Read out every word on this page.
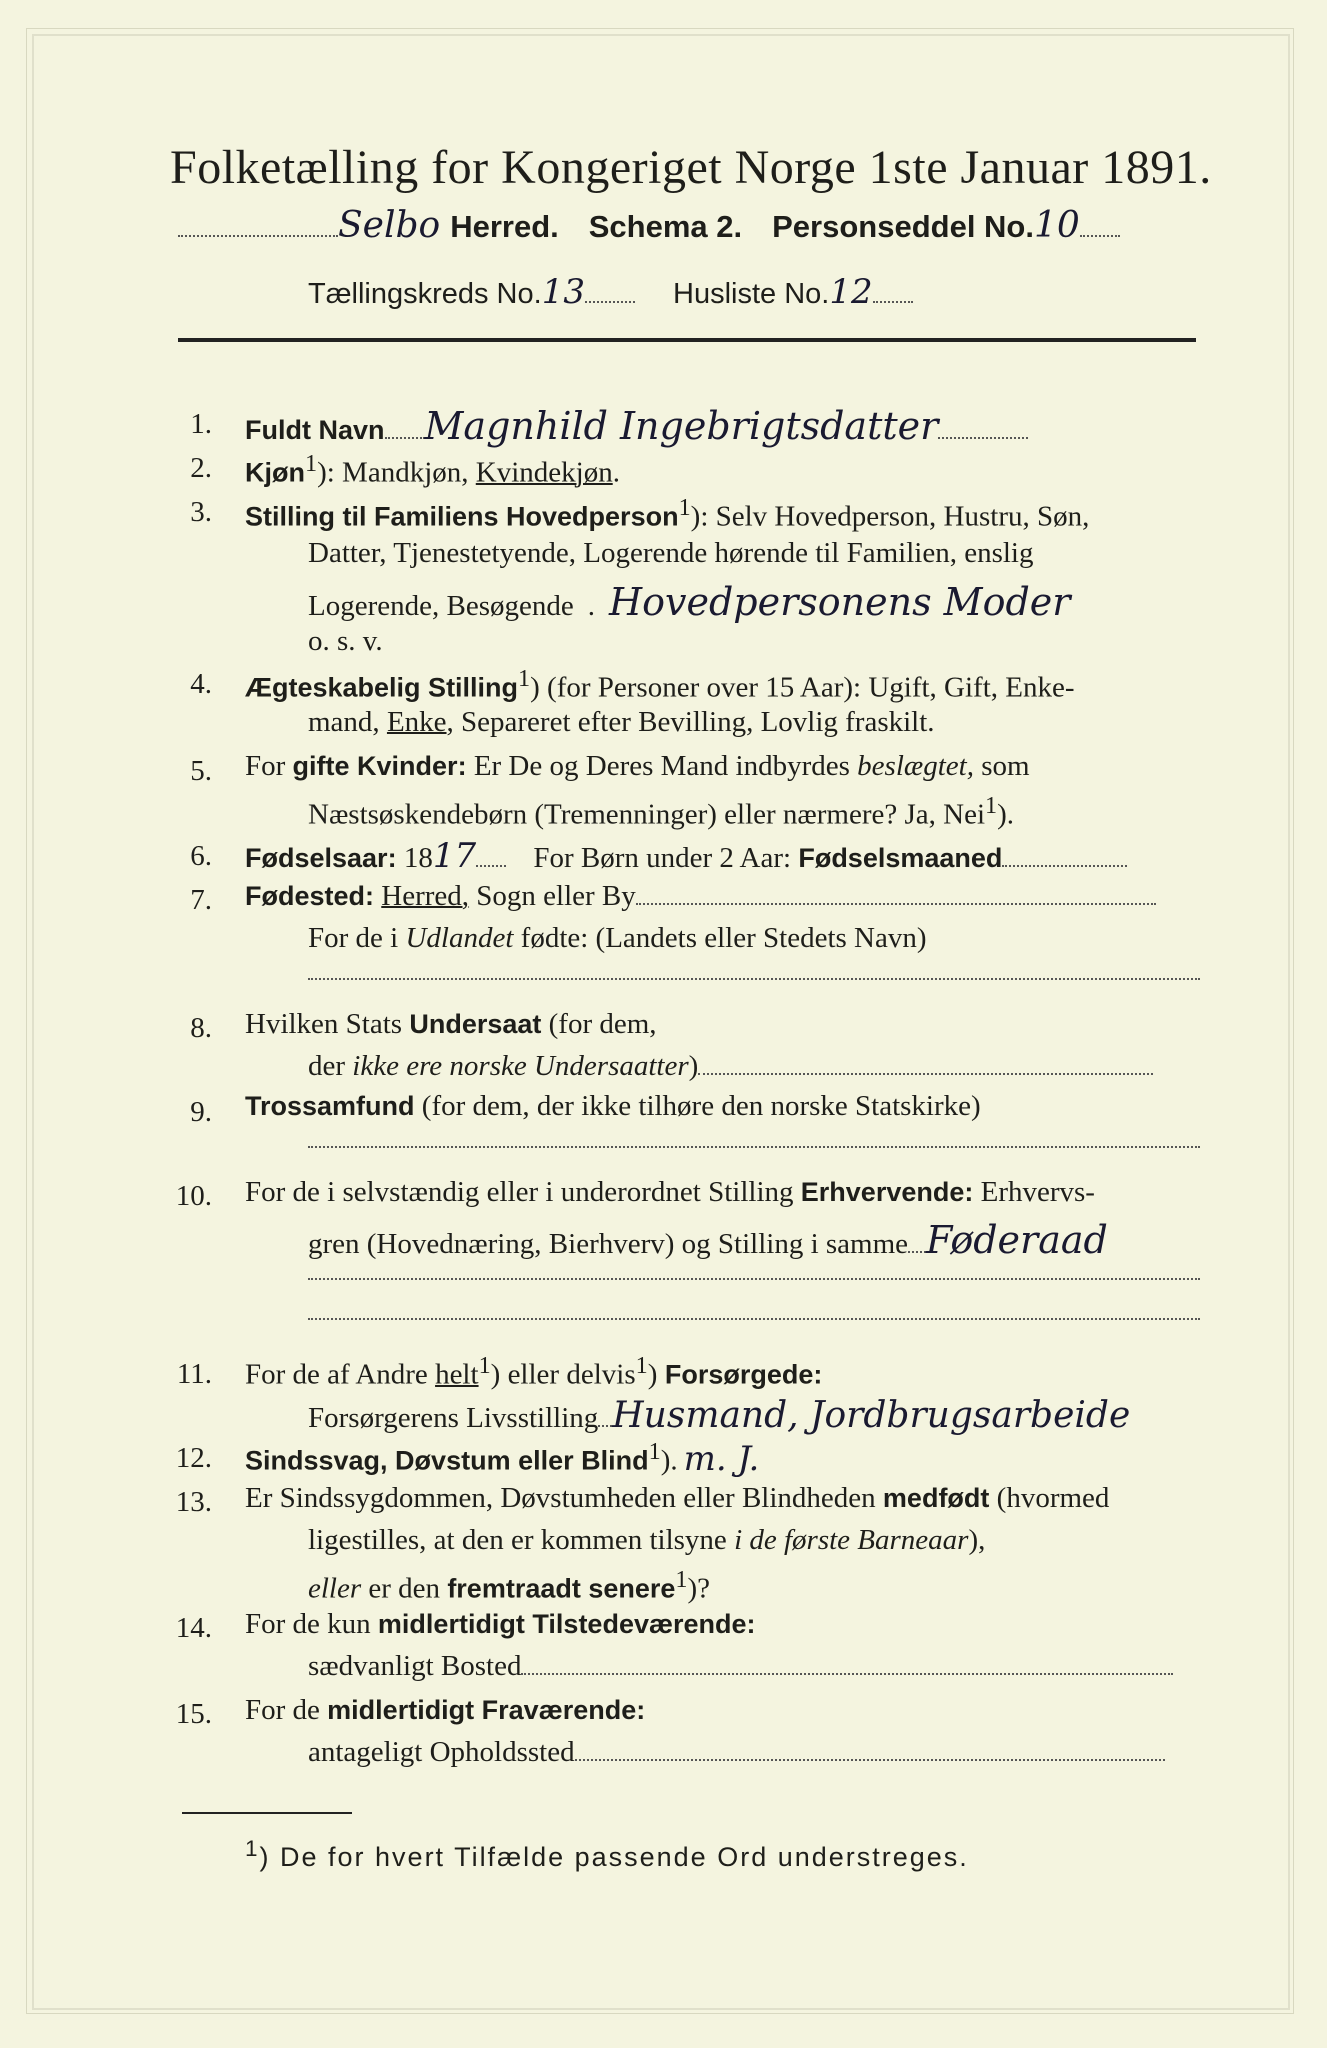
Folketælling for Kongeriget Norge 1ste Januar 1891.
Selbo Herred. Schema 2. Personseddel No.10
Tællingskreds No.13	Husliste No.12
1. Fuldt Navn Magnhild Ingebrigtsdatter
2. Kjøn$^1$): Mandkjøn, Kvindekjøn.
3. Stilling til Familiens Hovedperson$^1$): Selv Hovedperson, Hustru, Søn,
Datter, Tjenestetyende, Logerende hørende til Familien, enslig
Logerende, Besøgende . Hovedpersonens Moder
o. s. v.
4. Ægteskabelig Stilling$^1$) (for Personer over 15 Aar): Ugift, Gift, Enke-
mand, Enke, Separeret efter Bevilling, Lovlig fraskilt.
5. For gifte Kvinder: Er De og Deres Mand indbyrdes beslægtet, som
Næstsøskendebørn (Tremenninger) eller nærmere? Ja, Nei$^1$).
6. Fødselsaar: 1817 For Børn under 2 Aar: Fødselsmaaned
7. Fødested: Herred, Sogn eller By
For de i Udlandet fødte: (Landets eller Stedets Navn)
8. Hvilken Stats Undersaat (for dem,
der ikke ere norske Undersaatter)
9. Trossamfund (for dem, der ikke tilhøre den norske Statskirke)
10. For de i selvstændig eller i underordnet Stilling Erhvervende: Erhvervs-
gren (Hovednæring, Bierhverv) og Stilling i samme Føderaad
11. For de af Andre helt$^1$) eller delvis$^1$) Forsørgede:
Forsørgerens Livsstilling Husmand, Jordbrugsarbeide
12. Sindssvag, Døvstum eller Blind$^1$). m. J.
13. Er Sindssygdommen, Døvstumheden eller Blindheden medfødt (hvormed
ligestilles, at den er kommen tilsyne i de første Barneaar),
eller er den fremtraadt senere$^1$)?
14. For de kun midlertidigt Tilstedeværende:
sædvanligt Bosted
15. For de midlertidigt Fraværende:
antageligt Opholdssted
$^1$) De for hvert Tilfælde passende Ord understreges.
